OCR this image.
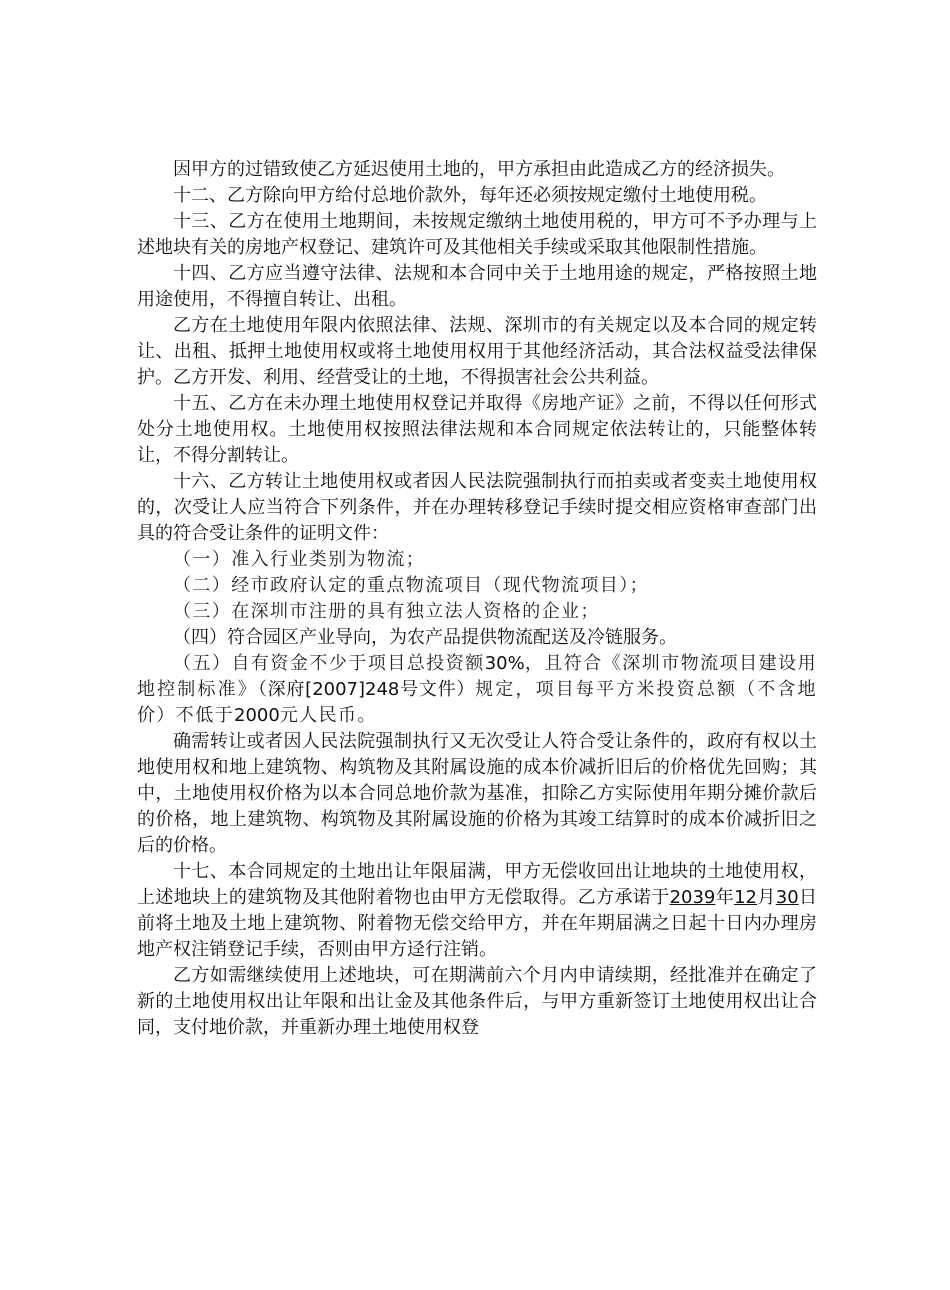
因甲方的过错致使乙方延迟使用土地的，甲方承担由此造成乙方的经济损失。

十二、乙方除向甲方给付总地价款外，每年还必须按规定缴付土地使用税。

十三、乙方在使用土地期间，未按规定缴纳土地使用税的，甲方可不予办理与上述地块有关的房地产权登记、建筑许可及其他相关手续或采取其他限制性措施。

十四、乙方应当遵守法律、法规和本合同中关于土地用途的规定，严格按照土地用途使用，不得擅自转让、出租。

乙方在土地使用年限内依照法律、法规、深圳市的有关规定以及本合同的规定转让、出租、抵押土地使用权或将土地使用权用于其他经济活动，其合法权益受法律保护。乙方开发、利用、经营受让的土地，不得损害社会公共利益。

十五、乙方在未办理土地使用权登记并取得《房地产证》之前，不得以任何形式处分土地使用权。土地使用权按照法律法规和本合同规定依法转让的，只能整体转让，不得分割转让。

十六、乙方转让土地使用权或者因人民法院强制执行而拍卖或者变卖土地使用权的，次受让人应当符合下列条件，并在办理转移登记手续时提交相应资格审查部门出具的符合受让条件的证明文件：

（一）准入行业类别为物流；

（二）经市政府认定的重点物流项目（现代物流项目）；

（三）在深圳市注册的具有独立法人资格的企业；

（四）符合园区产业导向，为农产品提供物流配送及冷链服务。

（五）自有资金不少于项目总投资额30%，且符合《深圳市物流项目建设用地控制标准》（深府[2007]248号文件）规定，项目每平方米投资总额（不含地价）不低于2000元人民币。

确需转让或者因人民法院强制执行又无次受让人符合受让条件的，政府有权以土地使用权和地上建筑物、构筑物及其附属设施的成本价减折旧后的价格优先回购；其中，土地使用权价格为以本合同总地价款为基准，扣除乙方实际使用年期分摊价款后的价格，地上建筑物、构筑物及其附属设施的价格为其竣工结算时的成本价减折旧之后的价格。

十七、本合同规定的土地出让年限届满，甲方无偿收回出让地块的土地使用权，上述地块上的建筑物及其他附着物也由甲方无偿取得。乙方承诺于2039年12月30日前将土地及土地上建筑物、附着物无偿交给甲方，并在年期届满之日起十日内办理房地产权注销登记手续，否则由甲方迳行注销。

乙方如需继续使用上述地块，可在期满前六个月内申请续期，经批准并在确定了新的土地使用权出让年限和出让金及其他条件后，与甲方重新签订土地使用权出让合同，支付地价款，并重新办理土地使用权登
